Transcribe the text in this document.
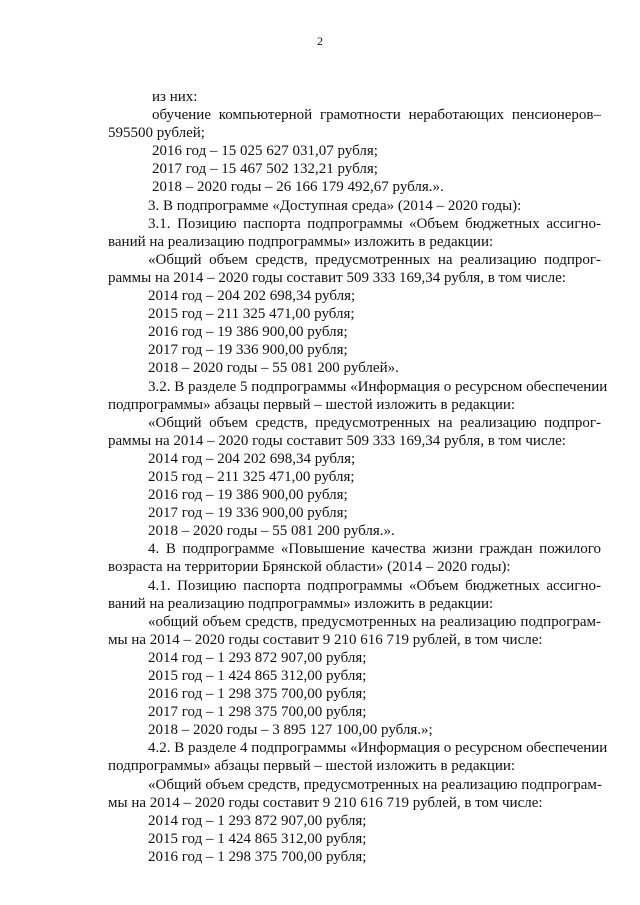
2
из них:
обучение компьютерной грамотности неработающих пенсионеров–
595500 рублей;
2016 год – 15 025 627 031,07 рубля;
2017 год – 15 467 502 132,21 рубля;
2018 – 2020 годы – 26 166 179 492,67 рубля.».
3. В подпрограмме «Доступная среда» (2014 – 2020 годы):
3.1. Позицию паспорта подпрограммы «Объем бюджетных ассигно-
ваний на реализацию подпрограммы» изложить в редакции:
«Общий объем средств, предусмотренных на реализацию подпрог-
раммы на 2014 – 2020 годы составит 509 333 169,34 рубля, в том числе:
2014 год – 204 202 698,34 рубля;
2015 год – 211 325 471,00 рубля;
2016 год – 19 386 900,00 рубля;
2017 год – 19 336 900,00 рубля;
2018 – 2020 годы – 55 081 200 рублей».
3.2. В разделе 5 подпрограммы «Информация о ресурсном обеспечении
подпрограммы» абзацы первый – шестой изложить в редакции:
«Общий объем средств, предусмотренных на реализацию подпрог-
раммы на 2014 – 2020 годы составит 509 333 169,34 рубля, в том числе:
2014 год – 204 202 698,34 рубля;
2015 год – 211 325 471,00 рубля;
2016 год – 19 386 900,00 рубля;
2017 год – 19 336 900,00 рубля;
2018 – 2020 годы – 55 081 200 рубля.».
4. В подпрограмме «Повышение качества жизни граждан пожилого
возраста на территории Брянской области» (2014 – 2020 годы):
4.1. Позицию паспорта подпрограммы «Объем бюджетных ассигно-
ваний на реализацию подпрограммы» изложить в редакции:
«общий объем средств, предусмотренных на реализацию подпрограм-
мы на 2014 – 2020 годы составит 9 210 616 719 рублей, в том числе:
2014 год – 1 293 872 907,00 рубля;
2015 год – 1 424 865 312,00 рубля;
2016 год – 1 298 375 700,00 рубля;
2017 год – 1 298 375 700,00 рубля;
2018 – 2020 годы – 3 895 127 100,00 рубля.»;
4.2. В разделе 4 подпрограммы «Информация о ресурсном обеспечении
подпрограммы» абзацы первый – шестой изложить в редакции:
«Общий объем средств, предусмотренных на реализацию подпрограм-
мы на 2014 – 2020 годы составит 9 210 616 719 рублей, в том числе:
2014 год – 1 293 872 907,00 рубля;
2015 год – 1 424 865 312,00 рубля;
2016 год – 1 298 375 700,00 рубля;
